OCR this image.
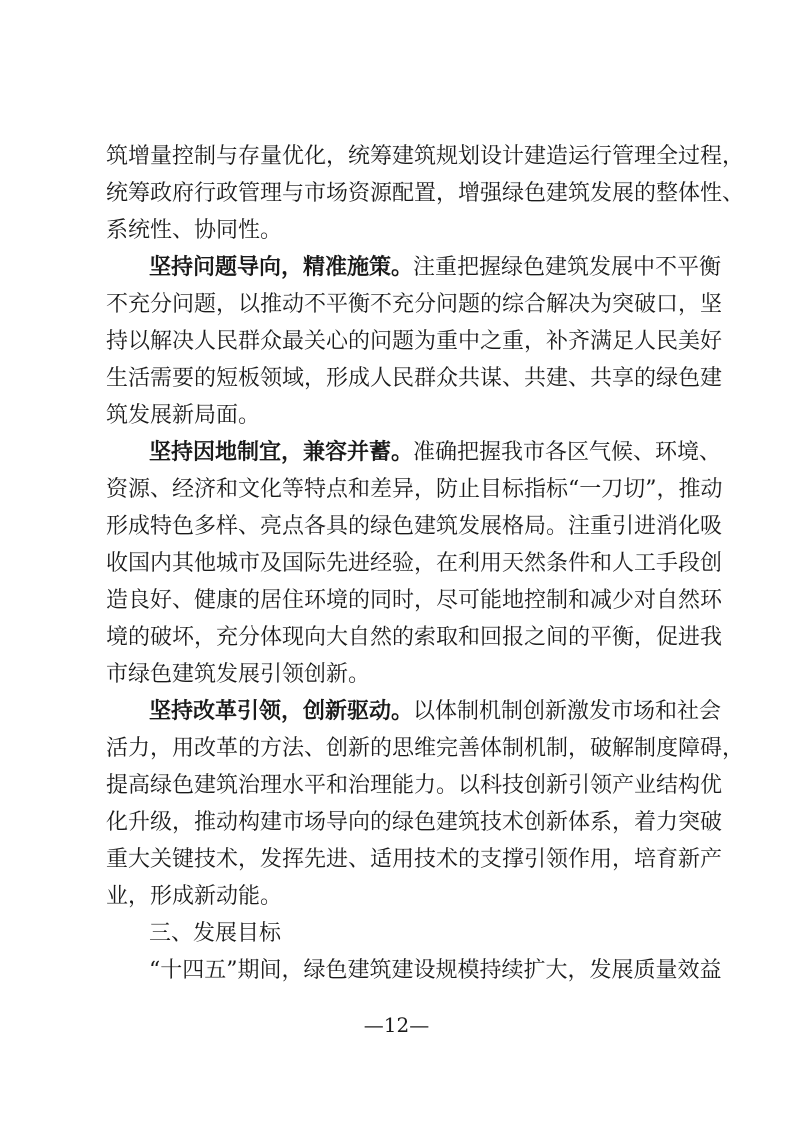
筑增量控制与存量优化，统筹建筑规划设计建造运行管理全过程，
统筹政府行政管理与市场资源配置，增强绿色建筑发展的整体性、
系统性、协同性。
坚持问题导向，精准施策。注重把握绿色建筑发展中不平衡
不充分问题，以推动不平衡不充分问题的综合解决为突破口，坚
持以解决人民群众最关心的问题为重中之重，补齐满足人民美好
生活需要的短板领域，形成人民群众共谋、共建、共享的绿色建
筑发展新局面。
坚持因地制宜，兼容并蓄。准确把握我市各区气候、环境、
资源、经济和文化等特点和差异，防止目标指标“一刀切”，推动
形成特色多样、亮点各具的绿色建筑发展格局。注重引进消化吸
收国内其他城市及国际先进经验，在利用天然条件和人工手段创
造良好、健康的居住环境的同时，尽可能地控制和减少对自然环
境的破坏，充分体现向大自然的索取和回报之间的平衡，促进我
市绿色建筑发展引领创新。
坚持改革引领，创新驱动。以体制机制创新激发市场和社会
活力，用改革的方法、创新的思维完善体制机制，破解制度障碍，
提高绿色建筑治理水平和治理能力。以科技创新引领产业结构优
化升级，推动构建市场导向的绿色建筑技术创新体系，着力突破
重大关键技术，发挥先进、适用技术的支撑引领作用，培育新产
业，形成新动能。
三、发展目标
“十四五”期间，绿色建筑建设规模持续扩大，发展质量效益
—12—
